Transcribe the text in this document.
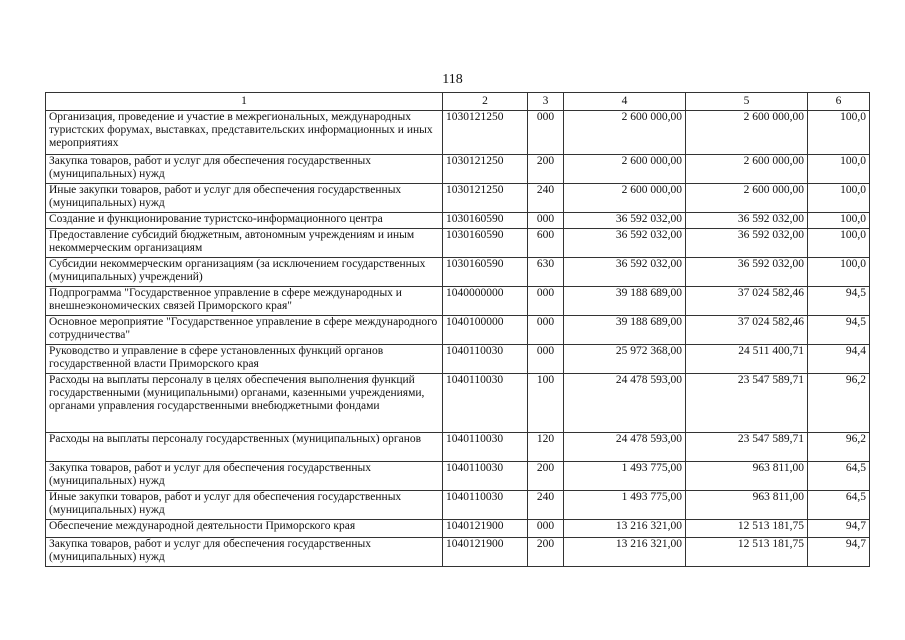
118
1	2	3	4	5	6
Организация, проведение и участие в межрегиональных, международных туристских форумах, выставках, представительских информационных и иных мероприятиях	1030121250	000	2 600 000,00	2 600 000,00	100,0
Закупка товаров, работ и услуг для обеспечения государственных (муниципальных) нужд	1030121250	200	2 600 000,00	2 600 000,00	100,0
Иные закупки товаров, работ и услуг для обеспечения государственных (муниципальных) нужд	1030121250	240	2 600 000,00	2 600 000,00	100,0
Создание и функционирование туристско-информационного центра	1030160590	000	36 592 032,00	36 592 032,00	100,0
Предоставление субсидий бюджетным, автономным учреждениям и иным некоммерческим организациям	1030160590	600	36 592 032,00	36 592 032,00	100,0
Субсидии некоммерческим организациям (за исключением государственных (муниципальных) учреждений)	1030160590	630	36 592 032,00	36 592 032,00	100,0
Подпрограмма "Государственное управление в сфере международных и внешнеэкономических связей Приморского края"	1040000000	000	39 188 689,00	37 024 582,46	94,5
Основное мероприятие "Государственное управление в сфере международного сотрудничества"	1040100000	000	39 188 689,00	37 024 582,46	94,5
Руководство и управление в сфере установленных функций органов государственной власти Приморского края	1040110030	000	25 972 368,00	24 511 400,71	94,4
Расходы на выплаты персоналу в целях обеспечения выполнения функций государственными (муниципальными) органами, казенными учреждениями, органами управления государственными внебюджетными фондами	1040110030	100	24 478 593,00	23 547 589,71	96,2
Расходы на выплаты персоналу государственных (муниципальных) органов	1040110030	120	24 478 593,00	23 547 589,71	96,2
Закупка товаров, работ и услуг для обеспечения государственных (муниципальных) нужд	1040110030	200	1 493 775,00	963 811,00	64,5
Иные закупки товаров, работ и услуг для обеспечения государственных (муниципальных) нужд	1040110030	240	1 493 775,00	963 811,00	64,5
Обеспечение международной деятельности Приморского края	1040121900	000	13 216 321,00	12 513 181,75	94,7
Закупка товаров, работ и услуг для обеспечения государственных (муниципальных) нужд	1040121900	200	13 216 321,00	12 513 181,75	94,7
